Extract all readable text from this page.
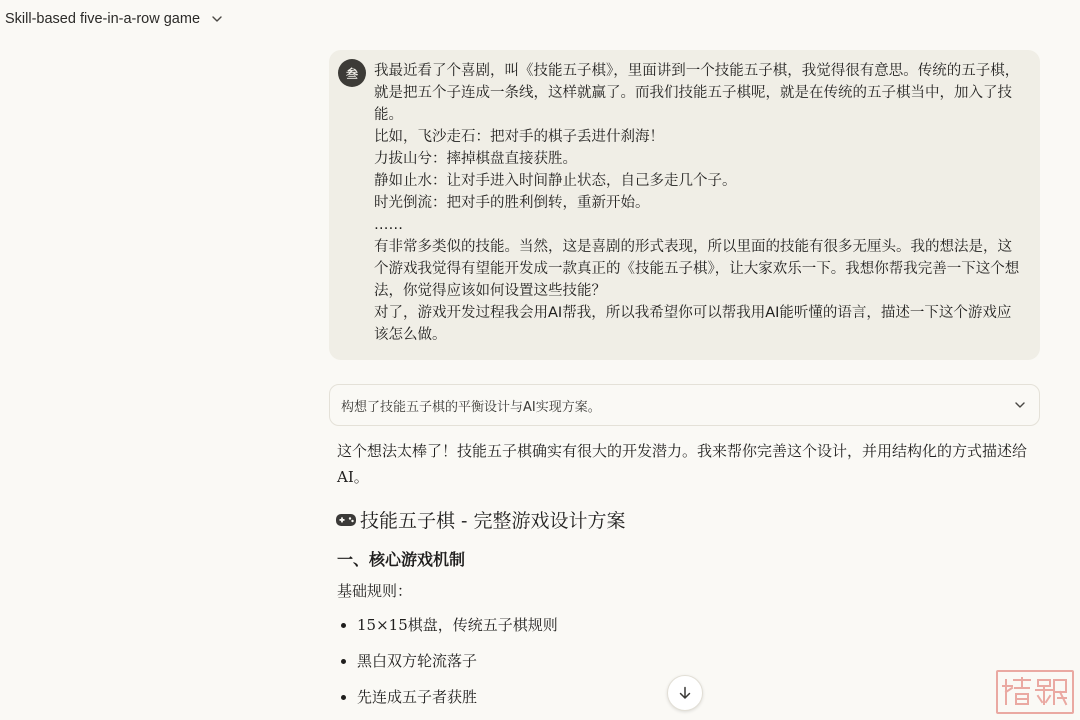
Skill-based five-in-a-row game
叁	我最近看了个喜剧，叫《技能五子棋》，里面讲到一个技能五子棋，我觉得很有意思。传统的五子棋，就是把五个子连成一条线，这样就赢了。而我们技能五子棋呢，就是在传统的五子棋当中，加入了技能。

比如，飞沙走石：把对手的棋子丢进什刹海！

力拔山兮：摔掉棋盘直接获胜。

静如止水：让对手进入时间静止状态，自己多走几个子。

时光倒流：把对手的胜利倒转，重新开始。

……

有非常多类似的技能。当然，这是喜剧的形式表现，所以里面的技能有很多无厘头。我的想法是，这个游戏我觉得有望能开发成一款真正的《技能五子棋》，让大家欢乐一下。我想你帮我完善一下这个想法，你觉得应该如何设置这些技能？

对了，游戏开发过程我会用AI帮我，所以我希望你可以帮我用AI能听懂的语言，描述一下这个游戏应该怎么做。

构想了技能五子棋的平衡设计与AI实现方案。

这个想法太棒了！技能五子棋确实有很大的开发潜力。我来帮你完善这个设计，并用结构化的方式描述给AI。

技能五子棋 - 完整游戏设计方案
一、核心游戏机制

基础规则：

15×15棋盘，传统五子棋规则
黑白双方轮流落子
先连成五子者获胜
